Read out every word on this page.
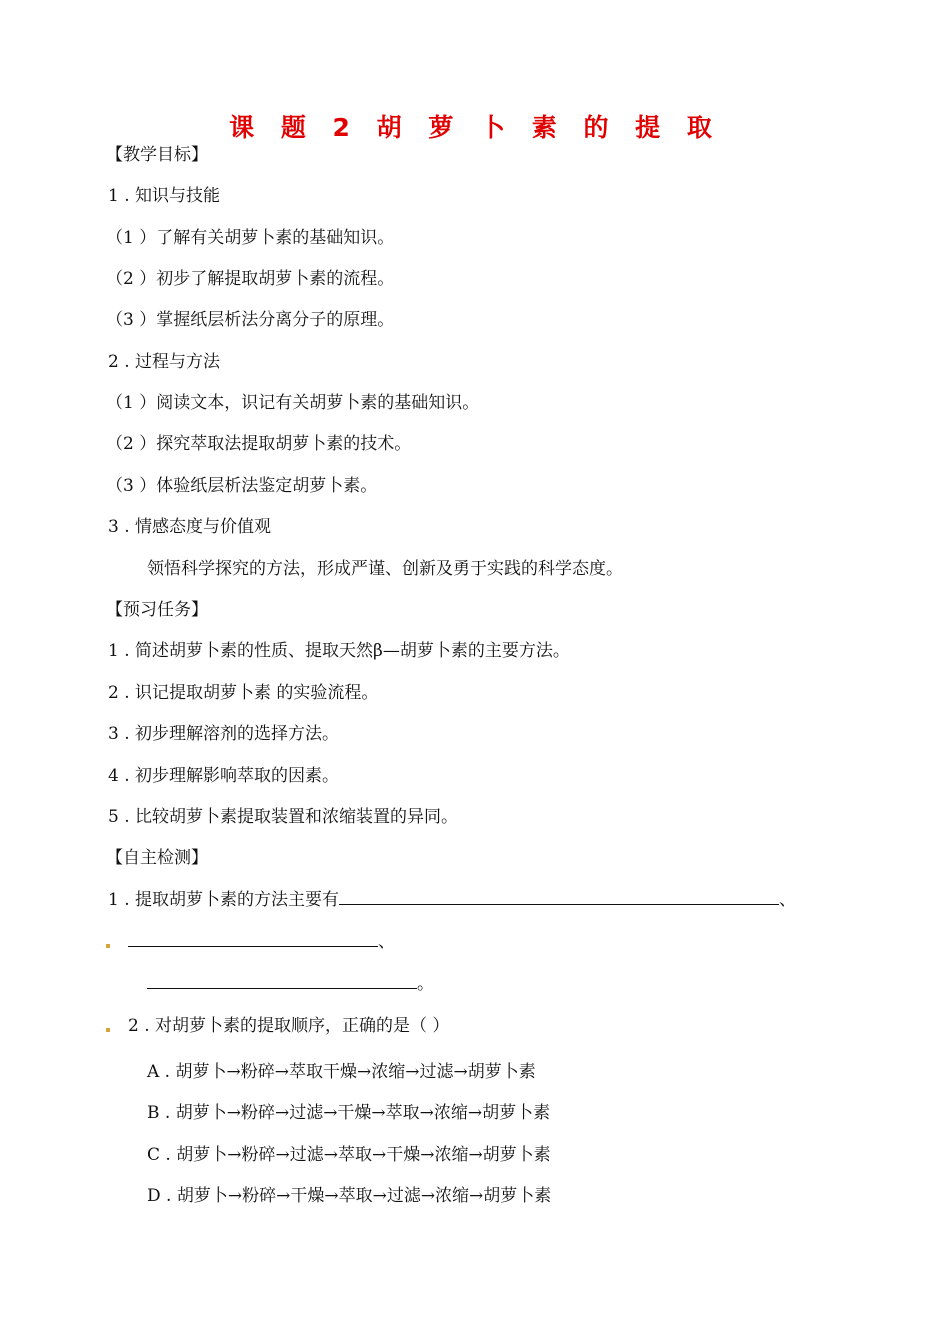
课 题 2 胡 萝 卜 素 的 提 取
【教学目标】
1 . 知识与技能
（1 ）了解有关胡萝卜素的基础知识。
（2 ）初步了解提取胡萝卜素的流程。
（3 ）掌握纸层析法分离分子的原理。
2 . 过程与方法
（1 ）阅读文本，识记有关胡萝卜素的基础知识。
（2 ）探究萃取法提取胡萝卜素的技术。
（3 ）体验纸层析法鉴定胡萝卜素。
3 . 情感态度与价值观
领悟科学探究的方法，形成严谨、创新及勇于实践的科学态度。
【预习任务】
1 . 简述胡萝卜素的性质、提取天然β—胡萝卜素的主要方法。
2 . 识记提取胡萝卜素 的实验流程。
3 . 初步理解溶剂的选择方法。
4 . 初步理解影响萃取的因素。
5 . 比较胡萝卜素提取装置和浓缩装置的异同。
【自主检测】
1 . 提取胡萝卜素的方法主要有	、
、
。
2 . 对胡萝卜素的提取顺序，正确的是（ ）
A . 胡萝卜→粉碎→萃取干燥→浓缩→过滤→胡萝卜素
B . 胡萝卜→粉碎→过滤→干燥→萃取→浓缩→胡萝卜素
C . 胡萝卜→粉碎→过滤→萃取→干燥→浓缩→胡萝卜素
D . 胡萝卜→粉碎→干燥→萃取→过滤→浓缩→胡萝卜素
